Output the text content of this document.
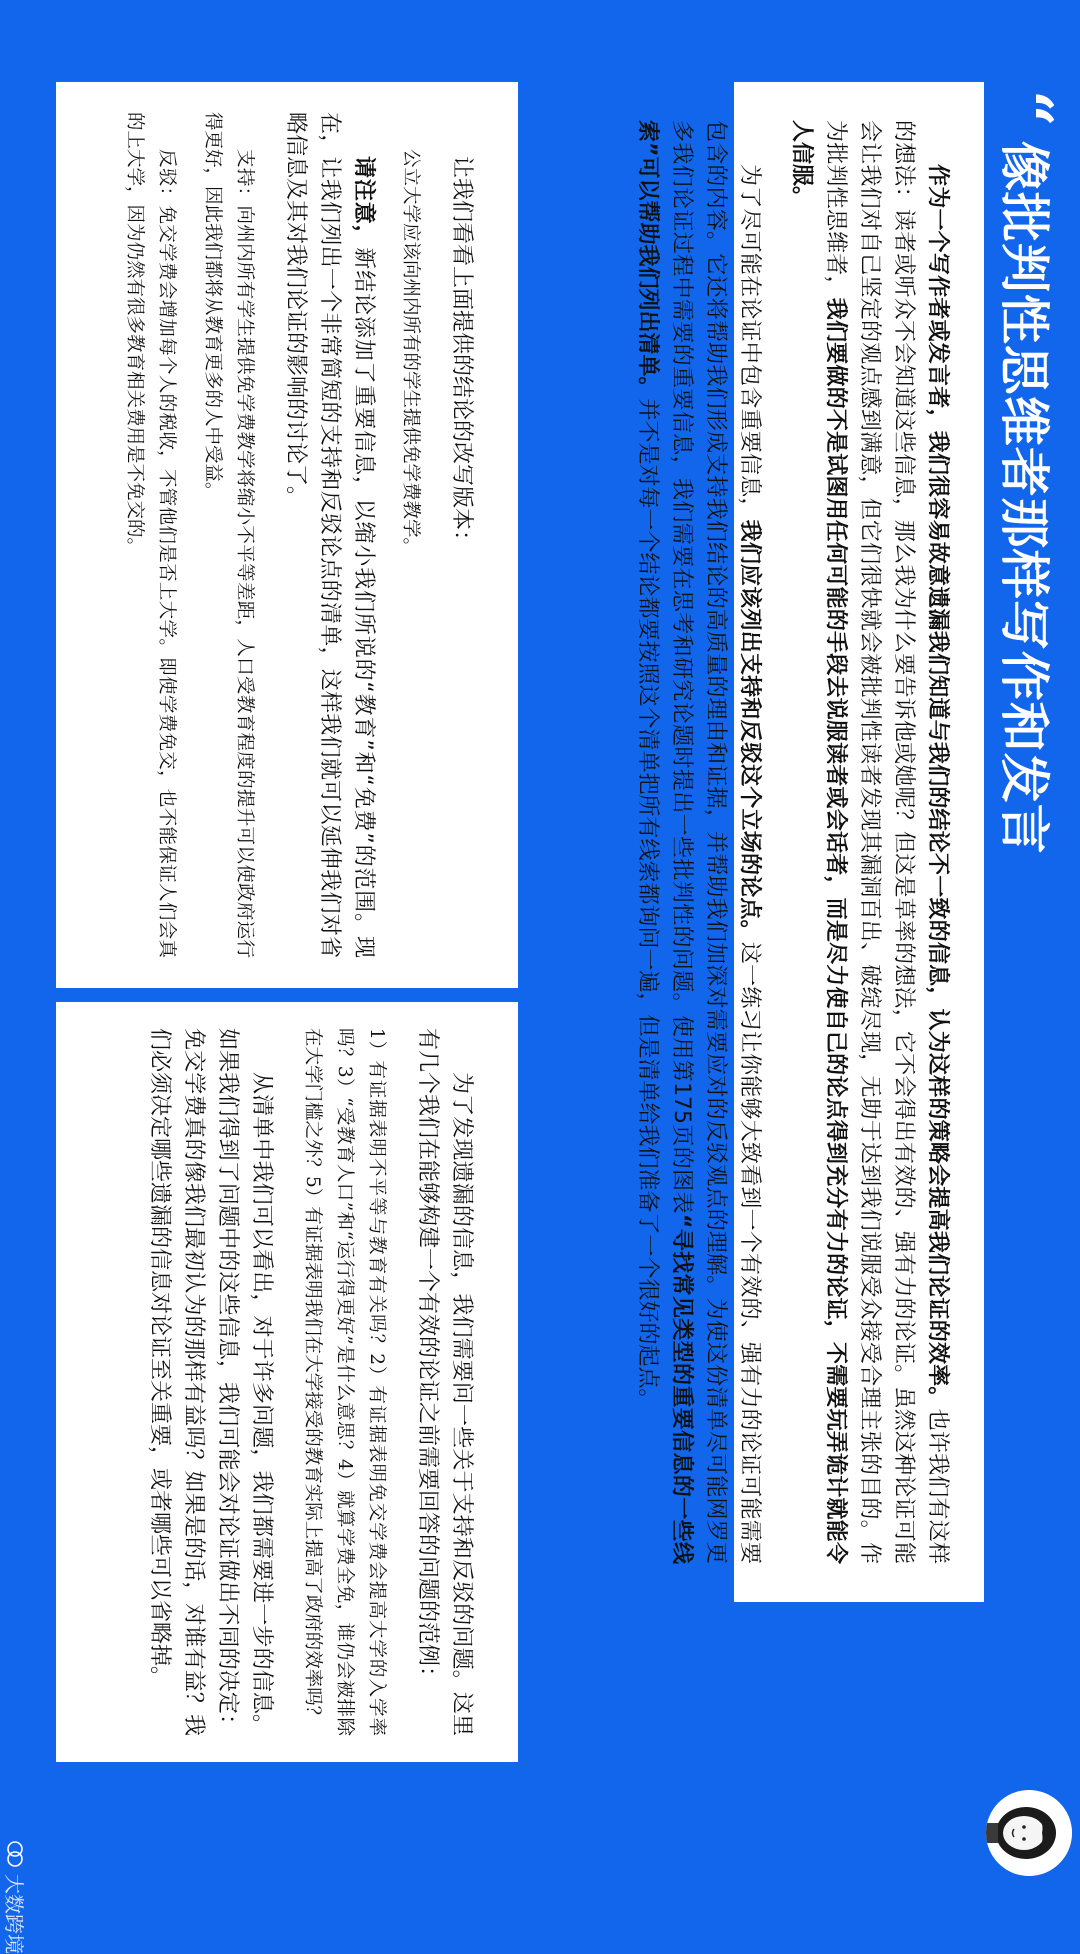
“
像批判性思维者那样写作和发言

作为一个写作者或发言者，我们很容易故意遗漏我们知道与我们的结论不一致的信息，认为这样的策略会提高我们论证的效率。也许我们有这样的想法：读者或听众不会知道这些信息，那么我为什么要告诉他或她呢？但这是草率的想法，它不会得出有效的、强有力的论证。虽然这种论证可能会让我们对自己坚定的观点感到满意，但它们很快就会被批判性读者发现其漏洞百出、破绽尽现，无助于达到我们说服受众接受合理主张的目的。作为批判性思维者，我们要做的不是试图用任何可能的手段去说服读者或会话者，而是尽力使自己的论点得到充分有力的论证，不需要玩弄诡计就能令人信服。

为了尽可能在论证中包含重要信息，我们应该列出支持和反驳这个立场的论点。这一练习让你能够大致看到一个有效的、强有力的论证可能需要包含的内容。它还将帮助我们形成支持我们结论的高质量的理由和证据，并帮助我们加深对需要应对的反驳观点的理解。为使这份清单尽可能网罗更多我们论证过程中需要的重要信息，我们需要在思考和研究论题时提出一些批判性的问题。使用第175页的图表“寻找常见类型的重要信息的一些线索”可以帮助我们列出清单。并不是对每一个结论都要按照这个清单把所有线索都询问一遍，但是清单给我们准备了一个很好的起点。

让我们看看上面提供的结论的改写版本：

公立大学应该向州内所有的学生提供免学费教学。

请注意，新结论添加了重要信息，以缩小我们所说的“教育”和“免费”的范围。现在，让我们列出一个非常简短的支持和反驳论点的清单，这样我们就可以延伸我们对省略信息及其对我们论证的影响的讨论了。

支持：向州内所有学生提供免学费教学将缩小不平等差距，人口受教育程度的提升可以使政府运行得更好，因此我们都将从教育更多的人中受益。

反驳：免交学费会增加每个人的税收，不管他们是否上大学。即使学费免交，也不能保证人们会真的上大学，因为仍然有很多教育相关费用是不免交的。

为了发现遗漏的信息，我们需要问一些关于支持和反驳的问题。这里有几个我们在能够构建一个有效的论证之前需要回答的问题的范例：

1）有证据表明不平等与教育有关吗？2）有证据表明免交学费会提高大学的入学率吗？3）“受教育人口”和“运行得更好”是什么意思？4）就算学费全免，谁仍会被排除在大学门槛之外？5）有证据表明我们在大学接受的教育实际上提高了政府的效率吗？

从清单中我们可以看出，对于许多问题，我们都需要进一步的信息。如果我们得到了问题中的这些信息，我们可能会对论证做出不同的决定：免交学费真的像我们最初认为的那样有益吗？如果是的话，对谁有益？我们必须决定哪些遗漏的信息对论证至关重要，或者哪些可以省略掉。

大数跨境
